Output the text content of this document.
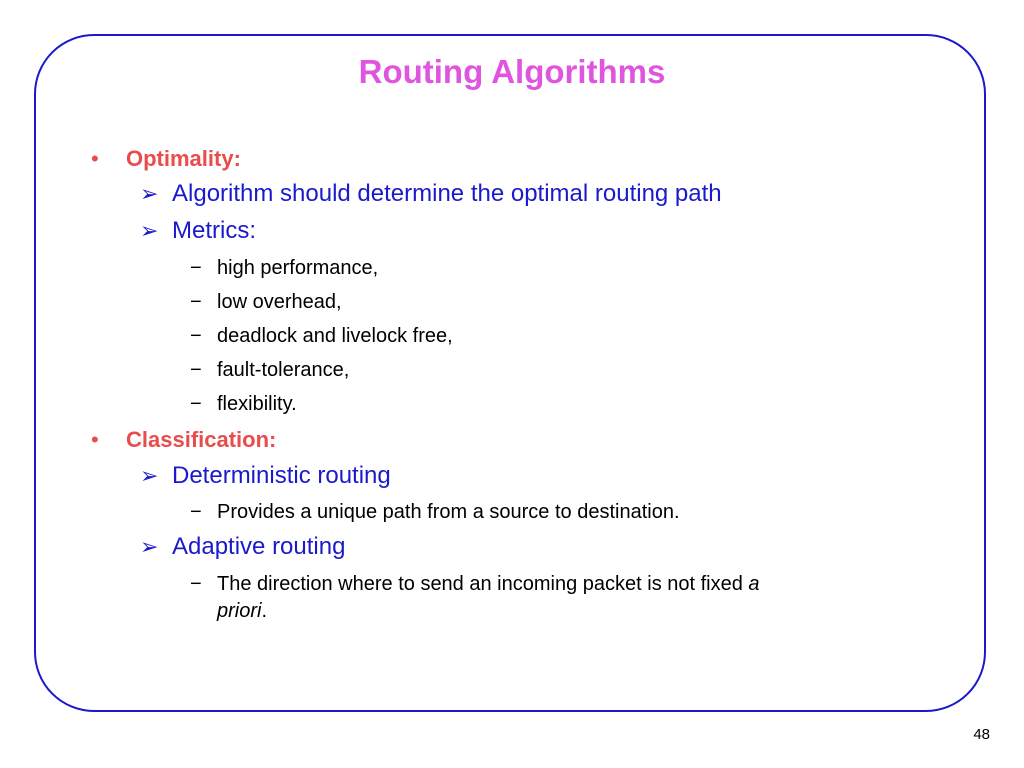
Routing Algorithms
• Optimality:
➢ Algorithm should determine the optimal routing path
➢ Metrics:
− high performance,
− low overhead,
− deadlock and livelock free,
− fault-tolerance,
− flexibility.
• Classification:
➢ Deterministic routing
− Provides a unique path from a source to destination.
➢ Adaptive routing
− The direction where to send an incoming packet is not fixed a
priori.
48
